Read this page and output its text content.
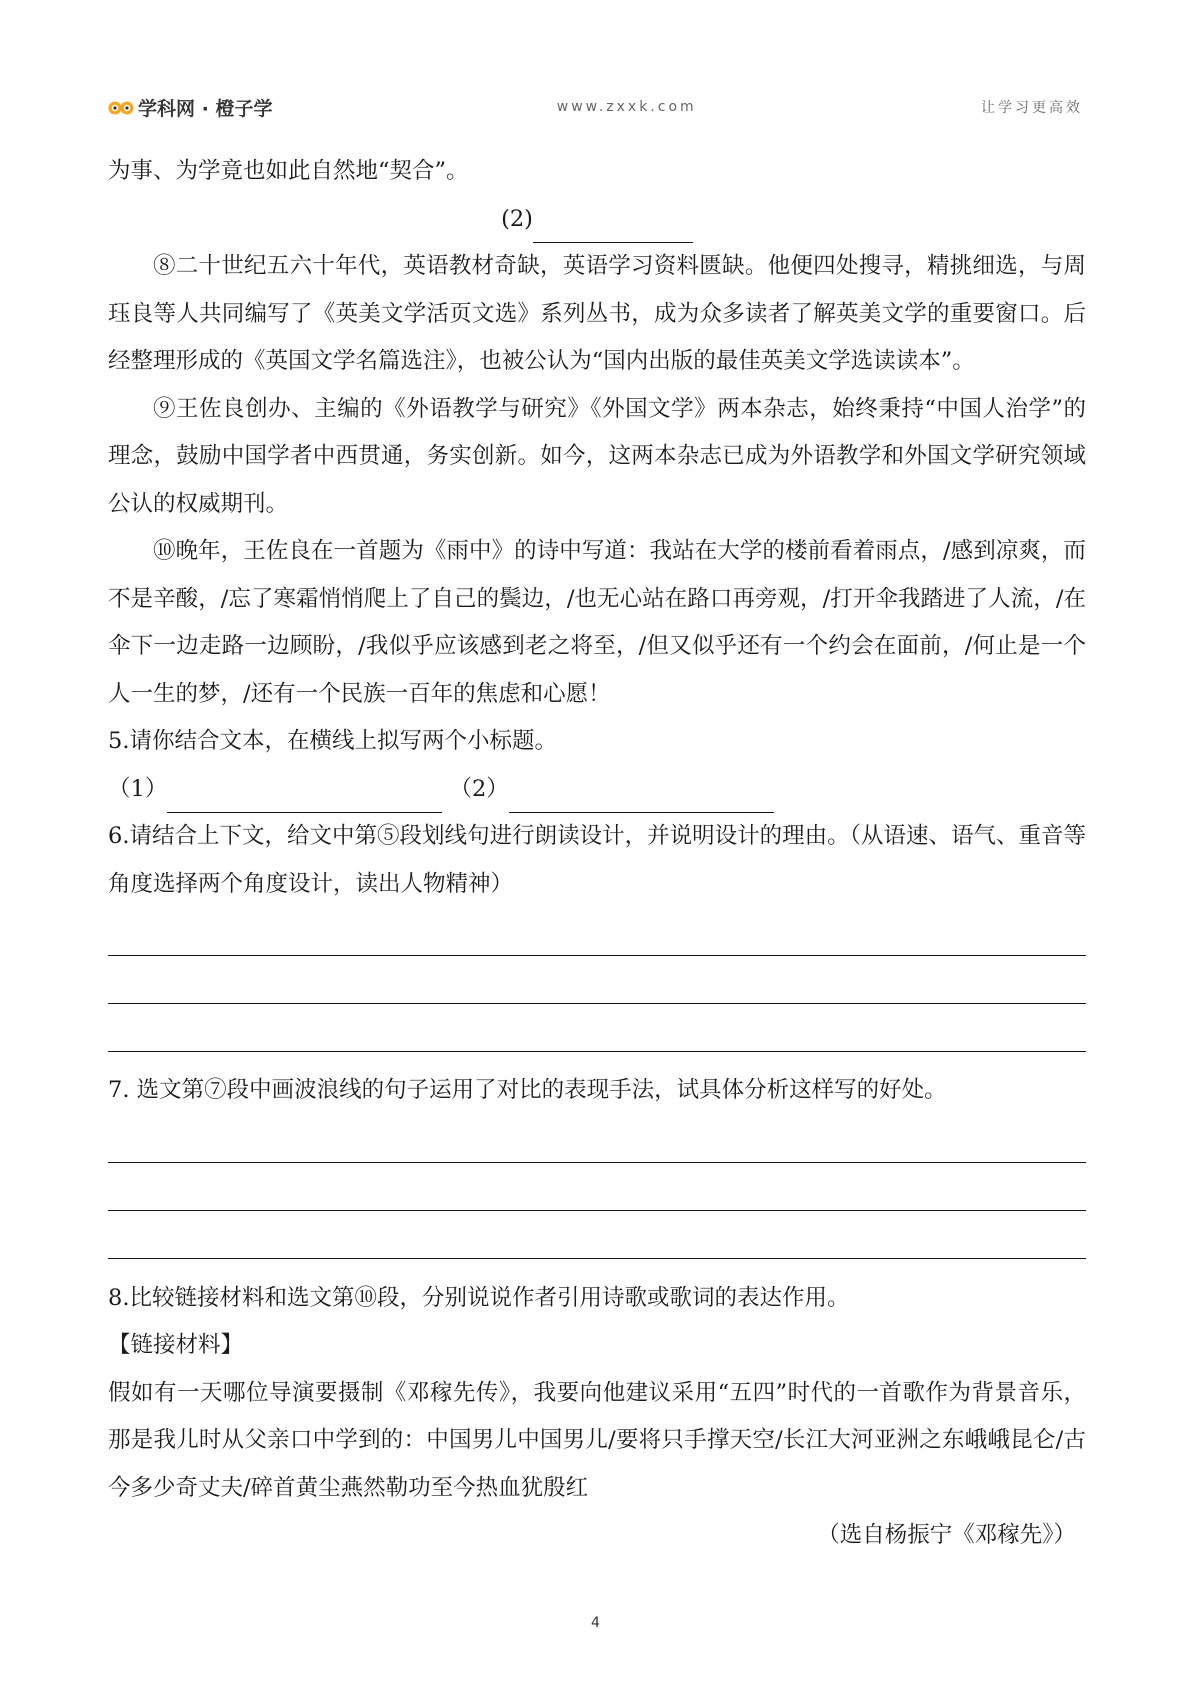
学科网 · 橙子学	www.zxxk.com	让学习更高效

为事、为学竟也如此自然地“契合”。

(2)

⑧二十世纪五六十年代，英语教材奇缺，英语学习资料匮缺。他便四处搜寻，精挑细选，与周珏良等人共同编写了《英美文学活页文选》系列丛书，成为众多读者了解英美文学的重要窗口。后经整理形成的《英国文学名篇选注》，也被公认为“国内出版的最佳英美文学选读读本”。

⑨王佐良创办、主编的《外语教学与研究》《外国文学》两本杂志，始终秉持“中国人治学”的理念，鼓励中国学者中西贯通，务实创新。如今，这两本杂志已成为外语教学和外国文学研究领域公认的权威期刊。

⑩晚年，王佐良在一首题为《雨中》的诗中写道：我站在大学的楼前看着雨点，/感到凉爽，而不是辛酸，/忘了寒霜悄悄爬上了自己的鬓边，/也无心站在路口再旁观，/打开伞我踏进了人流，/在伞下一边走路一边顾盼，/我似乎应该感到老之将至，/但又似乎还有一个约会在面前，/何止是一个人一生的梦，/还有一个民族一百年的焦虑和心愿！

5.请你结合文本，在横线上拟写两个小标题。

（1）	（2）

6.请结合上下文，给文中第⑤段划线句进行朗读设计，并说明设计的理由。（从语速、语气、重音等角度选择两个角度设计，读出人物精神）

7. 选文第⑦段中画波浪线的句子运用了对比的表现手法，试具体分析这样写的好处。

8.比较链接材料和选文第⑩段，分别说说作者引用诗歌或歌词的表达作用。

【链接材料】

假如有一天哪位导演要摄制《邓稼先传》，我要向他建议采用“五四”时代的一首歌作为背景音乐，那是我儿时从父亲口中学到的：中国男儿中国男儿/要将只手撑天空/长江大河亚洲之东峨峨昆仑/古今多少奇丈夫/碎首黄尘燕然勒功至今热血犹殷红

（选自杨振宁《邓稼先》）

4
